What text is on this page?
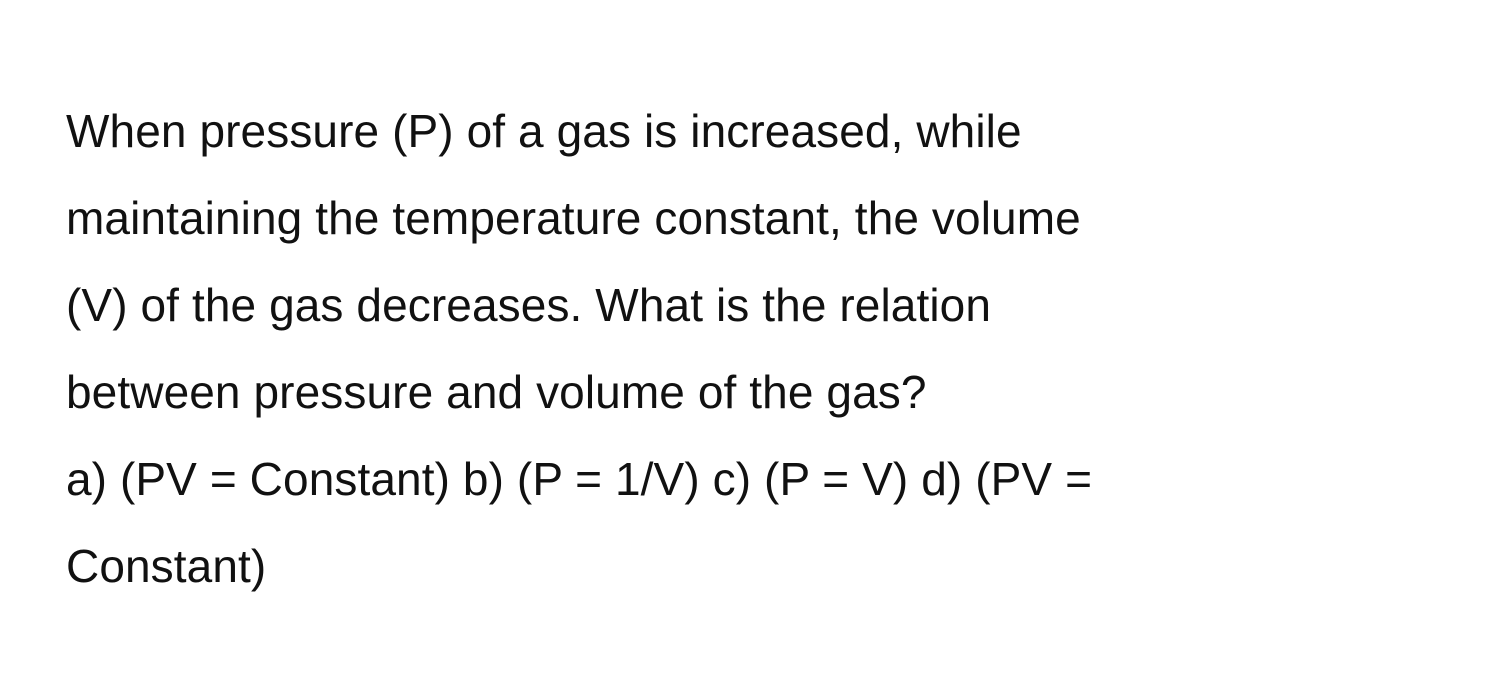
When pressure (P) of a gas is increased, while
maintaining the temperature constant, the volume
(V) of the gas decreases. What is the relation
between pressure and volume of the gas?
a) (PV = Constant) b) (P = 1/V) c) (P = V) d) (PV =
Constant)
